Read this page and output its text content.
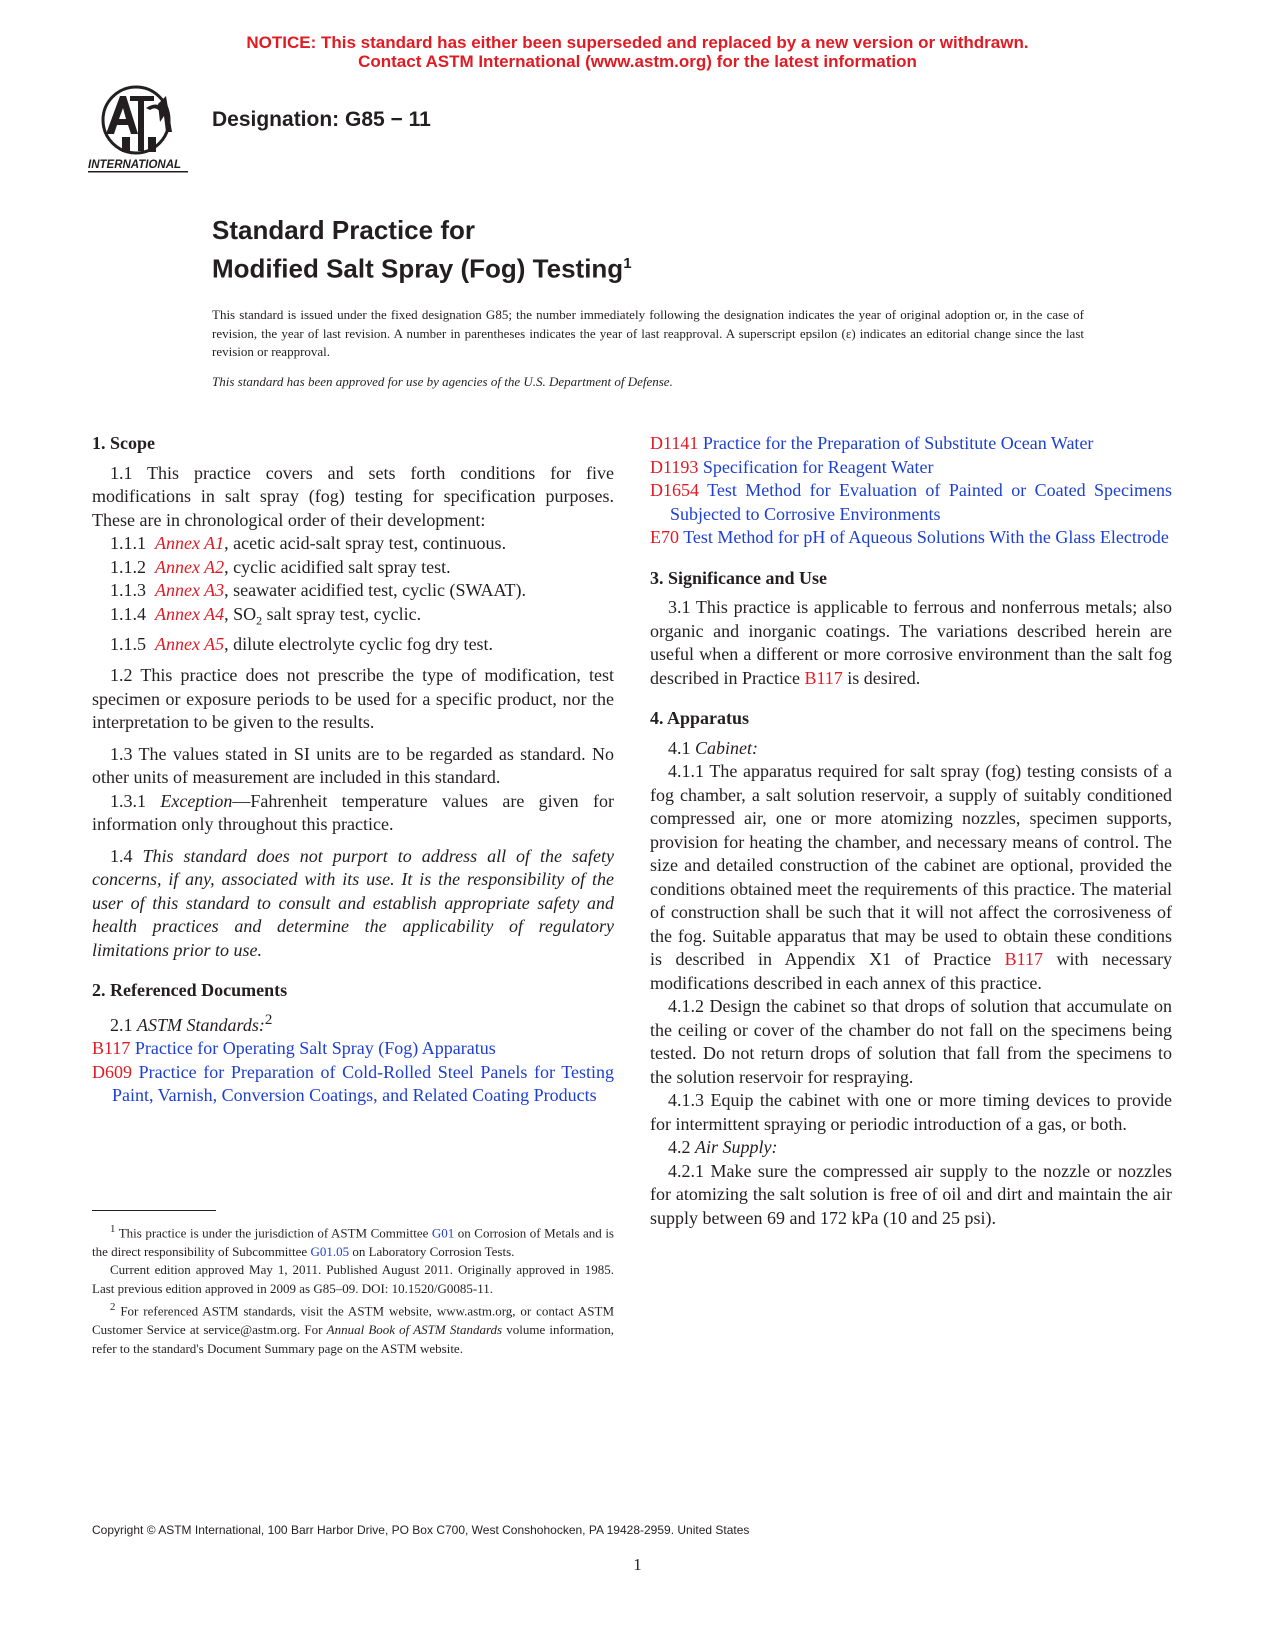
NOTICE: This standard has either been superseded and replaced by a new version or withdrawn.
Contact ASTM International (www.astm.org) for the latest information
INTERNATIONAL
Designation: G85 − 11
Standard Practice for
Modified Salt Spray (Fog) Testing$^1$
This standard is issued under the fixed designation G85; the number immediately following the designation indicates the year of original adoption or, in the case of revision, the year of last revision. A number in parentheses indicates the year of last reapproval. A superscript epsilon (ε) indicates an editorial change since the last revision or reapproval.
This standard has been approved for use by agencies of the U.S. Department of Defense.
1. Scope

1.1 This practice covers and sets forth conditions for five modifications in salt spray (fog) testing for specification purposes. These are in chronological order of their development:

1.1.1 Annex A1, acetic acid-salt spray test, continuous.

1.1.2 Annex A2, cyclic acidified salt spray test.

1.1.3 Annex A3, seawater acidified test, cyclic (SWAAT).

1.1.4 Annex A4, $SO_2$ salt spray test, cyclic.

1.1.5 Annex A5, dilute electrolyte cyclic fog dry test.

1.2 This practice does not prescribe the type of modification, test specimen or exposure periods to be used for a specific product, nor the interpretation to be given to the results.

1.3 The values stated in SI units are to be regarded as standard. No other units of measurement are included in this standard.

1.3.1 Exception—Fahrenheit temperature values are given for information only throughout this practice.

1.4 This standard does not purport to address all of the safety concerns, if any, associated with its use. It is the responsibility of the user of this standard to consult and establish appropriate safety and health practices and determine the applicability of regulatory limitations prior to use.

2. Referenced Documents

2.1 ASTM Standards:$^2$

B117 Practice for Operating Salt Spray (Fog) Apparatus

D609 Practice for Preparation of Cold-Rolled Steel Panels for Testing Paint, Varnish, Conversion Coatings, and Related Coating Products

$^1$ This practice is under the jurisdiction of ASTM Committee G01 on Corrosion of Metals and is the direct responsibility of Subcommittee G01.05 on Laboratory Corrosion Tests.

Current edition approved May 1, 2011. Published August 2011. Originally approved in 1985. Last previous edition approved in 2009 as G85–09. DOI: 10.1520/G0085-11.

$^2$ For referenced ASTM standards, visit the ASTM website, www.astm.org, or contact ASTM Customer Service at service@astm.org. For Annual Book of ASTM Standards volume information, refer to the standard's Document Summary page on the ASTM website.

D1141 Practice for the Preparation of Substitute Ocean Water

D1193 Specification for Reagent Water

D1654 Test Method for Evaluation of Painted or Coated Specimens Subjected to Corrosive Environments

E70 Test Method for pH of Aqueous Solutions With the Glass Electrode

3. Significance and Use

3.1 This practice is applicable to ferrous and nonferrous metals; also organic and inorganic coatings. The variations described herein are useful when a different or more corrosive environment than the salt fog described in Practice B117 is desired.

4. Apparatus

4.1 Cabinet:

4.1.1 The apparatus required for salt spray (fog) testing consists of a fog chamber, a salt solution reservoir, a supply of suitably conditioned compressed air, one or more atomizing nozzles, specimen supports, provision for heating the chamber, and necessary means of control. The size and detailed construction of the cabinet are optional, provided the conditions obtained meet the requirements of this practice. The material of construction shall be such that it will not affect the corrosiveness of the fog. Suitable apparatus that may be used to obtain these conditions is described in Appendix X1 of Practice B117 with necessary modifications described in each annex of this practice.

4.1.2 Design the cabinet so that drops of solution that accumulate on the ceiling or cover of the chamber do not fall on the specimens being tested. Do not return drops of solution that fall from the specimens to the solution reservoir for respraying.

4.1.3 Equip the cabinet with one or more timing devices to provide for intermittent spraying or periodic introduction of a gas, or both.

4.2 Air Supply:

4.2.1 Make sure the compressed air supply to the nozzle or nozzles for atomizing the salt solution is free of oil and dirt and maintain the air supply between 69 and 172 kPa (10 and 25 psi).

Copyright © ASTM International, 100 Barr Harbor Drive, PO Box C700, West Conshohocken, PA 19428-2959. United States
1
